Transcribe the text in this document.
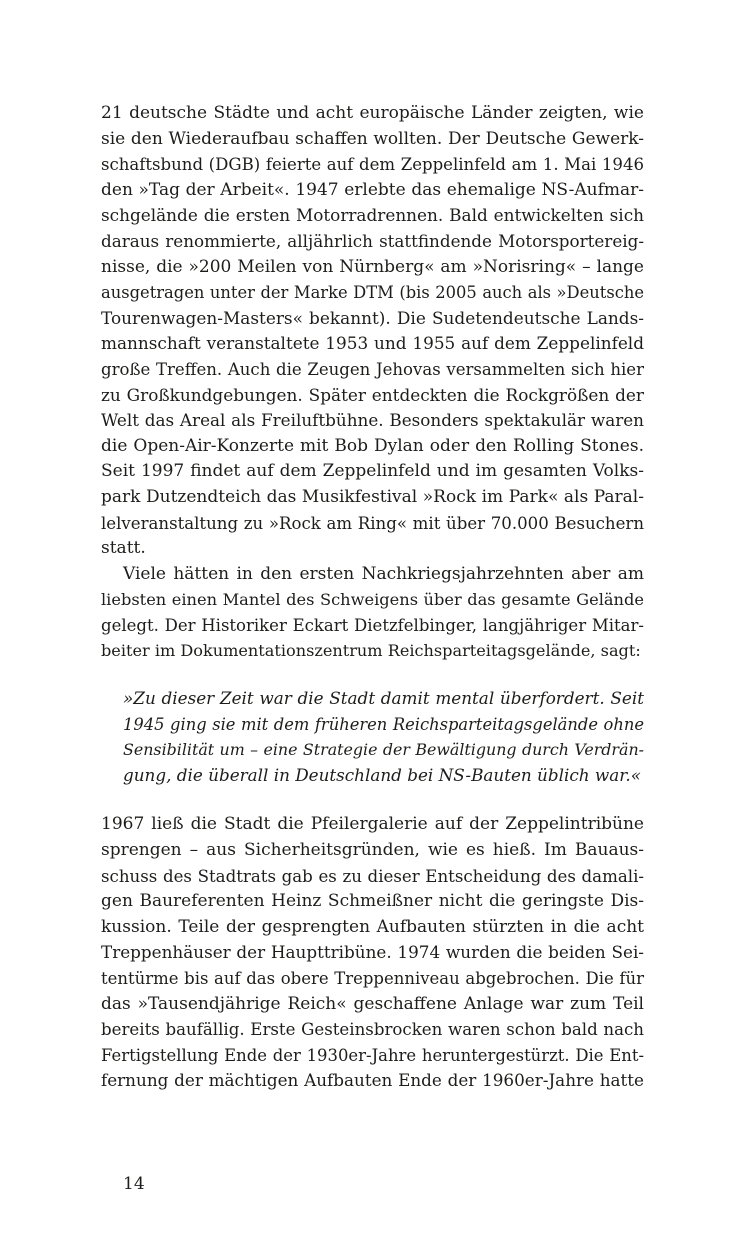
21 deutsche Städte und acht europäische Länder zeigten, wie
sie den Wiederaufbau schaffen wollten. Der Deutsche Gewerk-
schaftsbund (DGB) feierte auf dem Zeppelinfeld am 1. Mai 1946
den »Tag der Arbeit«. 1947 erlebte das ehemalige NS-Aufmar-
schgelände die ersten Motorradrennen. Bald entwickelten sich
daraus renommierte, alljährlich stattfindende Motorsportereig-
nisse, die »200 Meilen von Nürnberg« am »Norisring« – lange
ausgetragen unter der Marke DTM (bis 2005 auch als »Deutsche
Tourenwagen-Masters« bekannt). Die Sudetendeutsche Lands-
mannschaft veranstaltete 1953 und 1955 auf dem Zeppelinfeld
große Treffen. Auch die Zeugen Jehovas versammelten sich hier
zu Großkundgebungen. Später entdeckten die Rockgrößen der
Welt das Areal als Freiluftbühne. Besonders spektakulär waren
die Open-Air-Konzerte mit Bob Dylan oder den Rolling Stones.
Seit 1997 findet auf dem Zeppelinfeld und im gesamten Volks-
park Dutzendteich das Musikfestival »Rock im Park« als Paral-
lelveranstaltung zu »Rock am Ring« mit über 70.000 Besuchern
statt.
Viele hätten in den ersten Nachkriegsjahrzehnten aber am
liebsten einen Mantel des Schweigens über das gesamte Gelände
gelegt. Der Historiker Eckart Dietzfelbinger, langjähriger Mitar-
beiter im Dokumentationszentrum Reichsparteitagsgelände, sagt:
»Zu dieser Zeit war die Stadt damit mental überfordert. Seit
1945 ging sie mit dem früheren Reichsparteitagsgelände ohne
Sensibilität um – eine Strategie der Bewältigung durch Verdrän-
gung, die überall in Deutschland bei NS-Bauten üblich war.«
1967 ließ die Stadt die Pfeilergalerie auf der Zeppelintribüne
sprengen – aus Sicherheitsgründen, wie es hieß. Im Bauaus-
schuss des Stadtrats gab es zu dieser Entscheidung des damali-
gen Baureferenten Heinz Schmeißner nicht die geringste Dis-
kussion. Teile der gesprengten Aufbauten stürzten in die acht
Treppenhäuser der Haupttribüne. 1974 wurden die beiden Sei-
tentürme bis auf das obere Treppenniveau abgebrochen. Die für
das »Tausendjährige Reich« geschaffene Anlage war zum Teil
bereits baufällig. Erste Gesteinsbrocken waren schon bald nach
Fertigstellung Ende der 1930er-Jahre heruntergestürzt. Die Ent-
fernung der mächtigen Aufbauten Ende der 1960er-Jahre hatte
14
